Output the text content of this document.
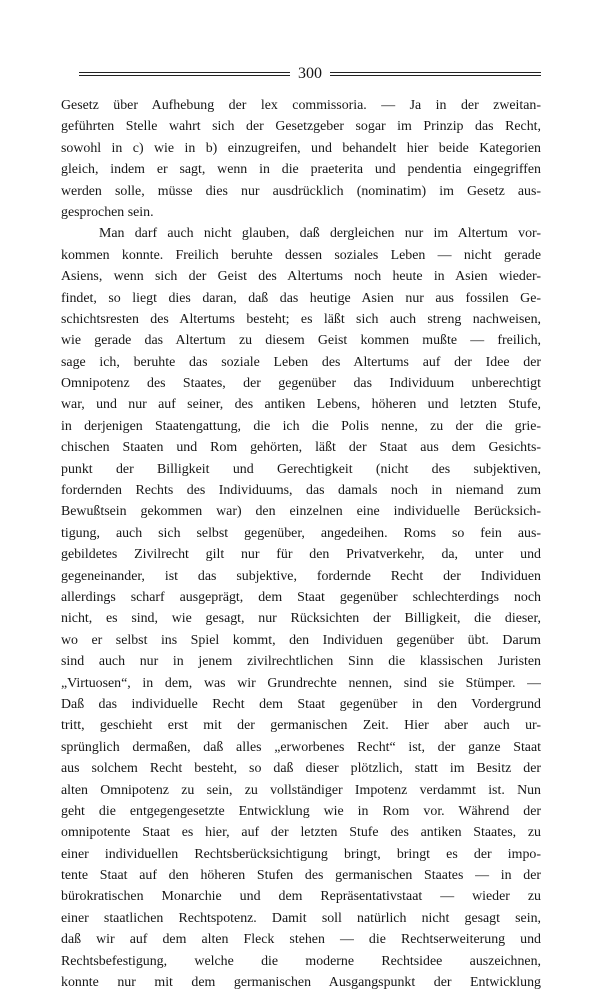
300
Gesetz über Aufhebung der lex commissoria. — Ja in der zweitan-
geführten Stelle wahrt sich der Gesetzgeber sogar im Prinzip das Recht,
sowohl in c) wie in b) einzugreifen, und behandelt hier beide Kategorien
gleich, indem er sagt, wenn in die praeterita und pendentia eingegriffen
werden solle, müsse dies nur ausdrücklich (nominatim) im Gesetz aus-
gesprochen sein.
Man darf auch nicht glauben, daß dergleichen nur im Altertum vor-
kommen konnte. Freilich beruhte dessen soziales Leben — nicht gerade
Asiens, wenn sich der Geist des Altertums noch heute in Asien wieder-
findet, so liegt dies daran, daß das heutige Asien nur aus fossilen Ge-
schichtsresten des Altertums besteht; es läßt sich auch streng nachweisen,
wie gerade das Altertum zu diesem Geist kommen mußte — freilich,
sage ich, beruhte das soziale Leben des Altertums auf der Idee der
Omnipotenz des Staates, der gegenüber das Individuum unberechtigt
war, und nur auf seiner, des antiken Lebens, höheren und letzten Stufe,
in derjenigen Staatengattung, die ich die Polis nenne, zu der die grie-
chischen Staaten und Rom gehörten, läßt der Staat aus dem Gesichts-
punkt der Billigkeit und Gerechtigkeit (nicht des subjektiven,
fordernden Rechts des Individuums, das damals noch in niemand zum
Bewußtsein gekommen war) den einzelnen eine individuelle Berücksich-
tigung, auch sich selbst gegenüber, angedeihen. Roms so fein aus-
gebildetes Zivilrecht gilt nur für den Privatverkehr, da, unter und
gegeneinander, ist das subjektive, fordernde Recht der Individuen
allerdings scharf ausgeprägt, dem Staat gegenüber schlechterdings noch
nicht, es sind, wie gesagt, nur Rücksichten der Billigkeit, die dieser,
wo er selbst ins Spiel kommt, den Individuen gegenüber übt. Darum
sind auch nur in jenem zivilrechtlichen Sinn die klassischen Juristen
„Virtuosen“, in dem, was wir Grundrechte nennen, sind sie Stümper. —
Daß das individuelle Recht dem Staat gegenüber in den Vordergrund
tritt, geschieht erst mit der germanischen Zeit. Hier aber auch ur-
sprünglich dermaßen, daß alles „erworbenes Recht“ ist, der ganze Staat
aus solchem Recht besteht, so daß dieser plötzlich, statt im Besitz der
alten Omnipotenz zu sein, zu vollständiger Impotenz verdammt ist. Nun
geht die entgegengesetzte Entwicklung wie in Rom vor. Während der
omnipotente Staat es hier, auf der letzten Stufe des antiken Staates, zu
einer individuellen Rechtsberücksichtigung bringt, bringt es der impo-
tente Staat auf den höheren Stufen des germanischen Staates — in der
bürokratischen Monarchie und dem Repräsentativstaat — wieder zu
einer staatlichen Rechtspotenz. Damit soll natürlich nicht gesagt sein,
daß wir auf dem alten Fleck stehen — die Rechtserweiterung und
Rechtsbefestigung, welche die moderne Rechtsidee auszeichnen,
konnte nur mit dem germanischen Ausgangspunkt der Entwicklung
